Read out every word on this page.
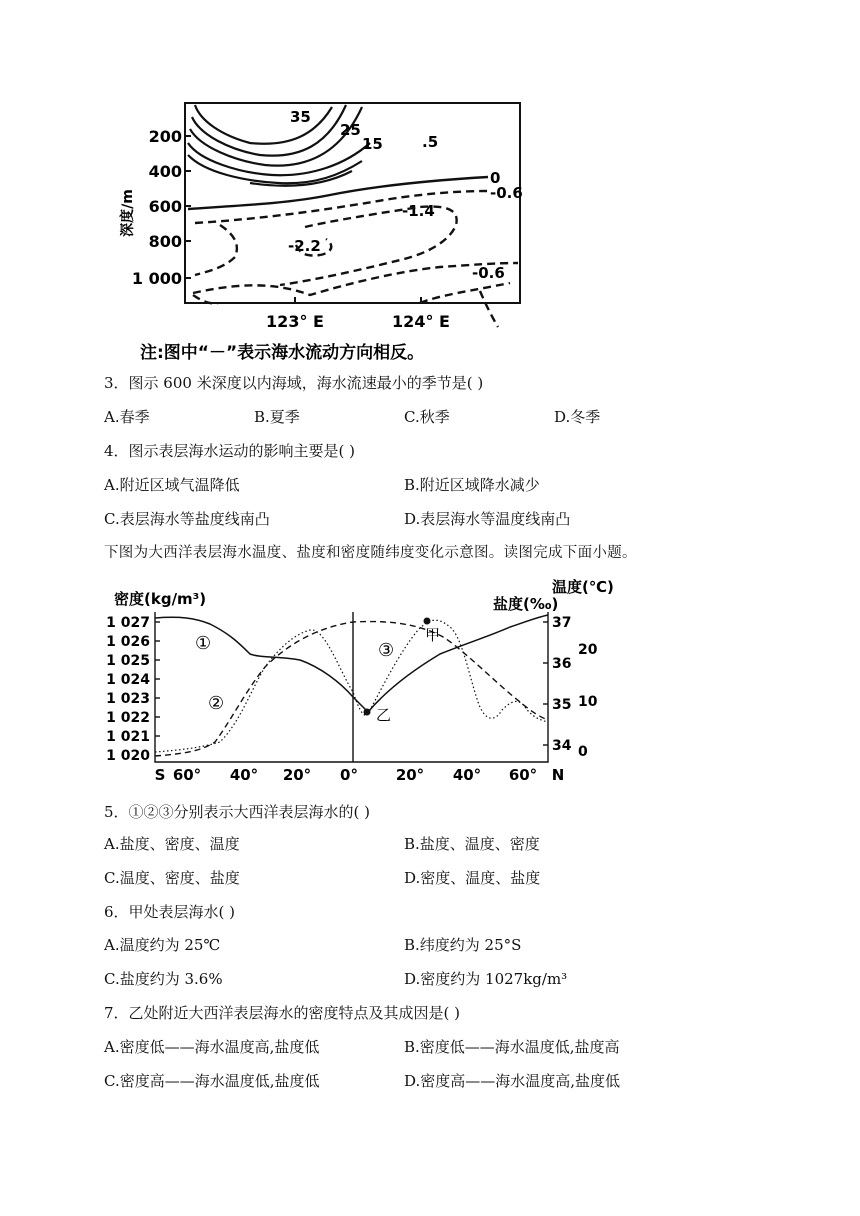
深度/m
200
400
600
800
1 000
35
25
15	.5
0
-0.6
-1.4
-2.2
-0.6
123° E	124° E
注:图中“－”表示海水流动方向相反。
3．图示 600 米深度以内海域，海水流速最小的季节是( )
A.春季	B.夏季	C.秋季	D.冬季
4．图示表层海水运动的影响主要是( )
A.附近区域气温降低	B.附近区域降水减少
C.表层海水等盐度线南凸	D.表层海水等温度线南凸
下图为大西洋表层海水温度、盐度和密度随纬度变化示意图。读图完成下面小题。
密度(kg/m³)	盐度(‰)
温度(℃)
1 027
1 026
1 025
1 024
1 023
1 022
1 021
1 020
37
36
35
34
20
10
0
甲
乙
①
②
③
S 60° 40° 20° 0°	20° 40° 60° N
5．①②③分别表示大西洋表层海水的( )
A.盐度、密度、温度	B.盐度、温度、密度
C.温度、密度、盐度	D.密度、温度、盐度
6．甲处表层海水( )
A.温度约为 25℃	B.纬度约为 25°S
C.盐度约为 3.6%	D.密度约为 1027kg/m³
7．乙处附近大西洋表层海水的密度特点及其成因是( )
A.密度低——海水温度高,盐度低	B.密度低——海水温度低,盐度高
C.密度高——海水温度低,盐度低	D.密度高——海水温度高,盐度低
